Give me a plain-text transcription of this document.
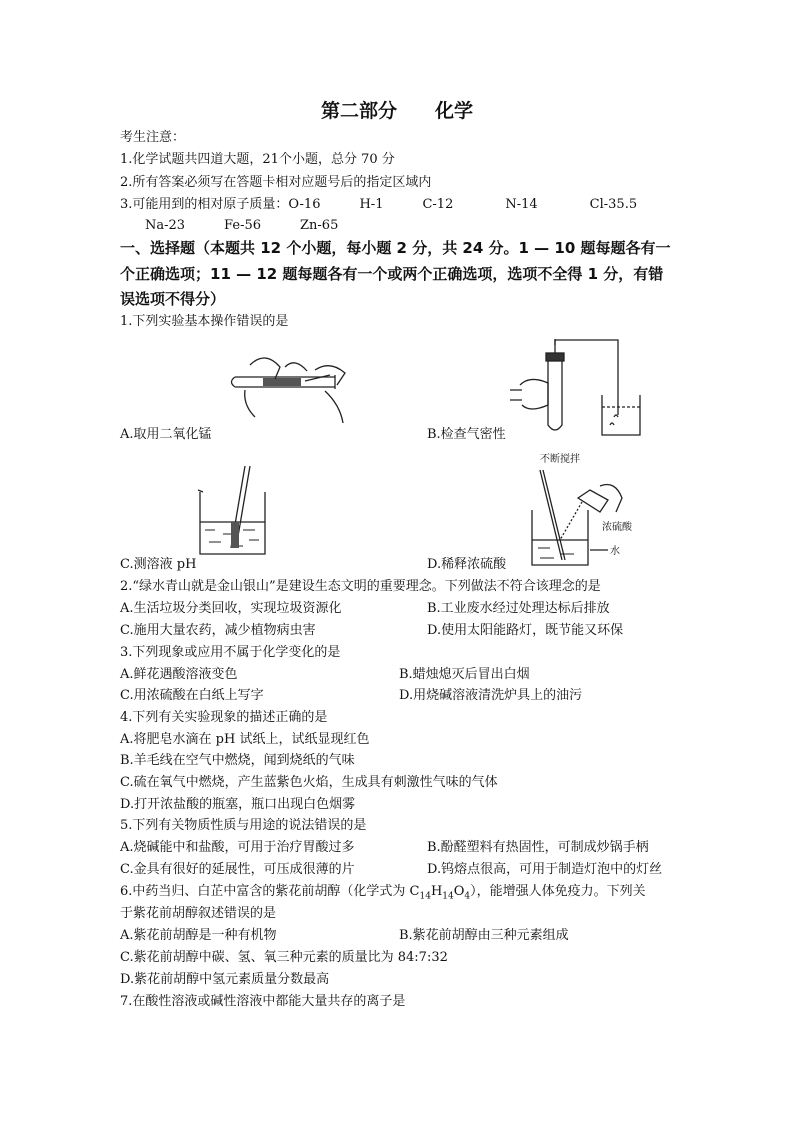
第二部分　　化学
考生注意：
1.化学试题共四道大题，21个小题，总分 70 分
2.所有答案必须写在答题卡相对应题号后的指定区域内
3.可能用到的相对原子质量：O-16　　　H-1　　　C-12　　　　N-14　　　　Cl-35.5
Na-23　　　Fe-56　　　Zn-65
一、选择题（本题共 12 个小题，每小题 2 分，共 24 分。1 — 10 题每题各有一
个正确选项；11 — 12 题每题各有一个或两个正确选项，选项不全得 1 分，有错
误选项不得分）
1.下列实验基本操作错误的是
A.取用二氧化锰	B.检查气密性
C.测溶液 pH
不断搅拌
浓硫酸
水
D.稀释浓硫酸
2.“绿水青山就是金山银山”是建设生态文明的重要理念。下列做法不符合该理念的是
A.生活垃圾分类回收，实现垃圾资源化	B.工业废水经过处理达标后排放
C.施用大量农药，减少植物病虫害	D.使用太阳能路灯，既节能又环保
3.下列现象或应用不属于化学变化的是
A.鲜花遇酸溶液变色	B.蜡烛熄灭后冒出白烟
C.用浓硫酸在白纸上写字	D.用烧碱溶液清洗炉具上的油污
4.下列有关实验现象的描述正确的是
A.将肥皂水滴在 pH 试纸上，试纸显现红色
B.羊毛线在空气中燃烧，闻到烧纸的气味
C.硫在氧气中燃烧，产生蓝紫色火焰，生成具有刺激性气味的气体
D.打开浓盐酸的瓶塞，瓶口出现白色烟雾
5.下列有关物质性质与用途的说法错误的是
A.烧碱能中和盐酸，可用于治疗胃酸过多	B.酚醛塑料有热固性，可制成炒锅手柄
C.金具有很好的延展性，可压成很薄的片	D.钨熔点很高，可用于制造灯泡中的灯丝
6.中药当归、白芷中富含的紫花前胡醇（化学式为 $C_{14}H_{14}O_4$），能增强人体免疫力。下列关
于紫花前胡醇叙述错误的是
A.紫花前胡醇是一种有机物	B.紫花前胡醇由三种元素组成
C.紫花前胡醇中碳、氢、氧三种元素的质量比为 84:7:32
D.紫花前胡醇中氢元素质量分数最高
7.在酸性溶液或碱性溶液中都能大量共存的离子是
